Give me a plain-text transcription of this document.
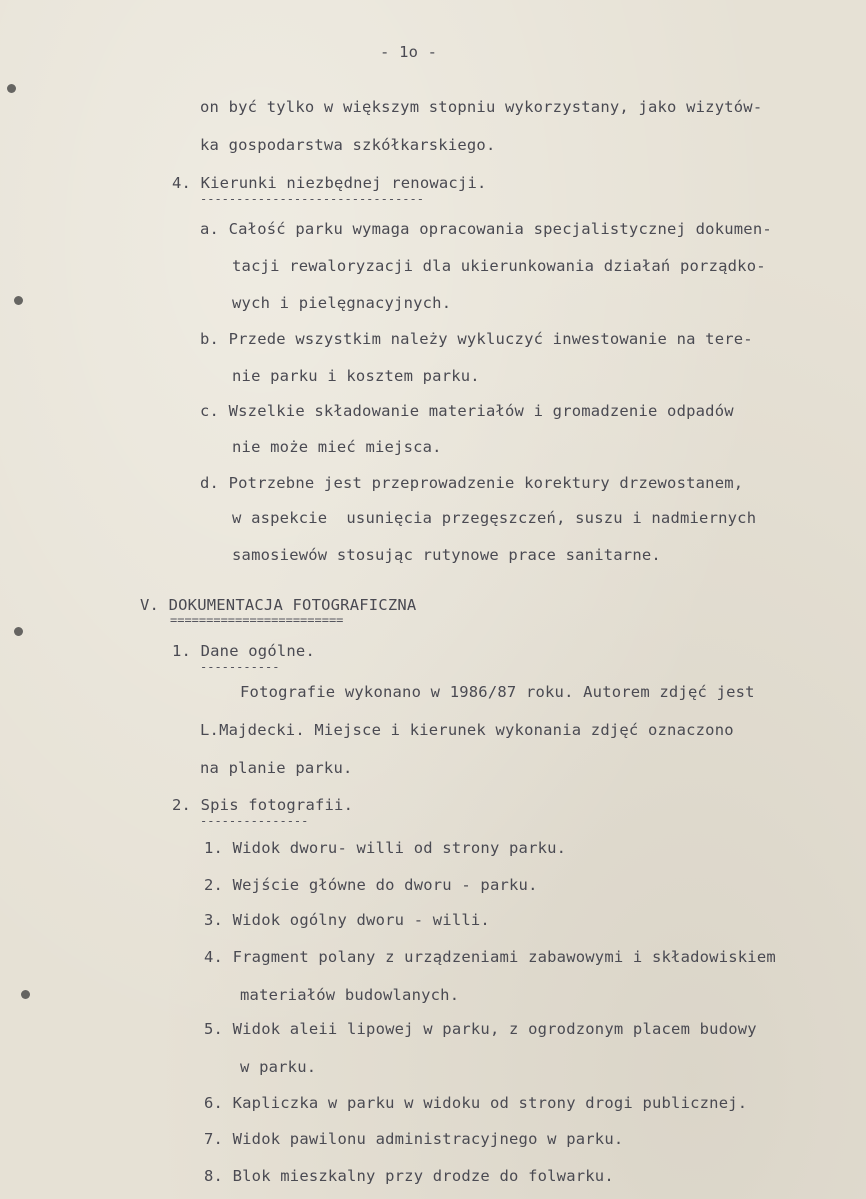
- 1o -
on być tylko w większym stopniu wykorzystany, jako wizytów-
ka gospodarstwa szkółkarskiego.
4. Kierunki niezbędnej renowacji.
-------------------------------
a. Całość parku wymaga opracowania specjalistycznej dokumen-
tacji rewaloryzacji dla ukierunkowania działań porządko-
wych i pielęgnacyjnych.
b. Przede wszystkim należy wykluczyć inwestowanie na tere-
nie parku i kosztem parku.
c. Wszelkie składowanie materiałów i gromadzenie odpadów
nie może mieć miejsca.
d. Potrzebne jest przeprowadzenie korektury drzewostanem,
w aspekcie  usunięcia przegęszczeń, suszu i nadmiernych
samosiewów stosując rutynowe prace sanitarne.
V. DOKUMENTACJA FOTOGRAFICZNA
========================
1. Dane ogólne.
-----------
Fotografie wykonano w 1986/87 roku. Autorem zdjęć jest
L.Majdecki. Miejsce i kierunek wykonania zdjęć oznaczono
na planie parku.
2. Spis fotografii.
---------------
1. Widok dworu- willi od strony parku.
2. Wejście główne do dworu - parku.
3. Widok ogólny dworu - willi.
4. Fragment polany z urządzeniami zabawowymi i składowiskiem
materiałów budowlanych.
5. Widok aleii lipowej w parku, z ogrodzonym placem budowy
w parku.
6. Kapliczka w parku w widoku od strony drogi publicznej.
7. Widok pawilonu administracyjnego w parku.
8. Blok mieszkalny przy drodze do folwarku.
